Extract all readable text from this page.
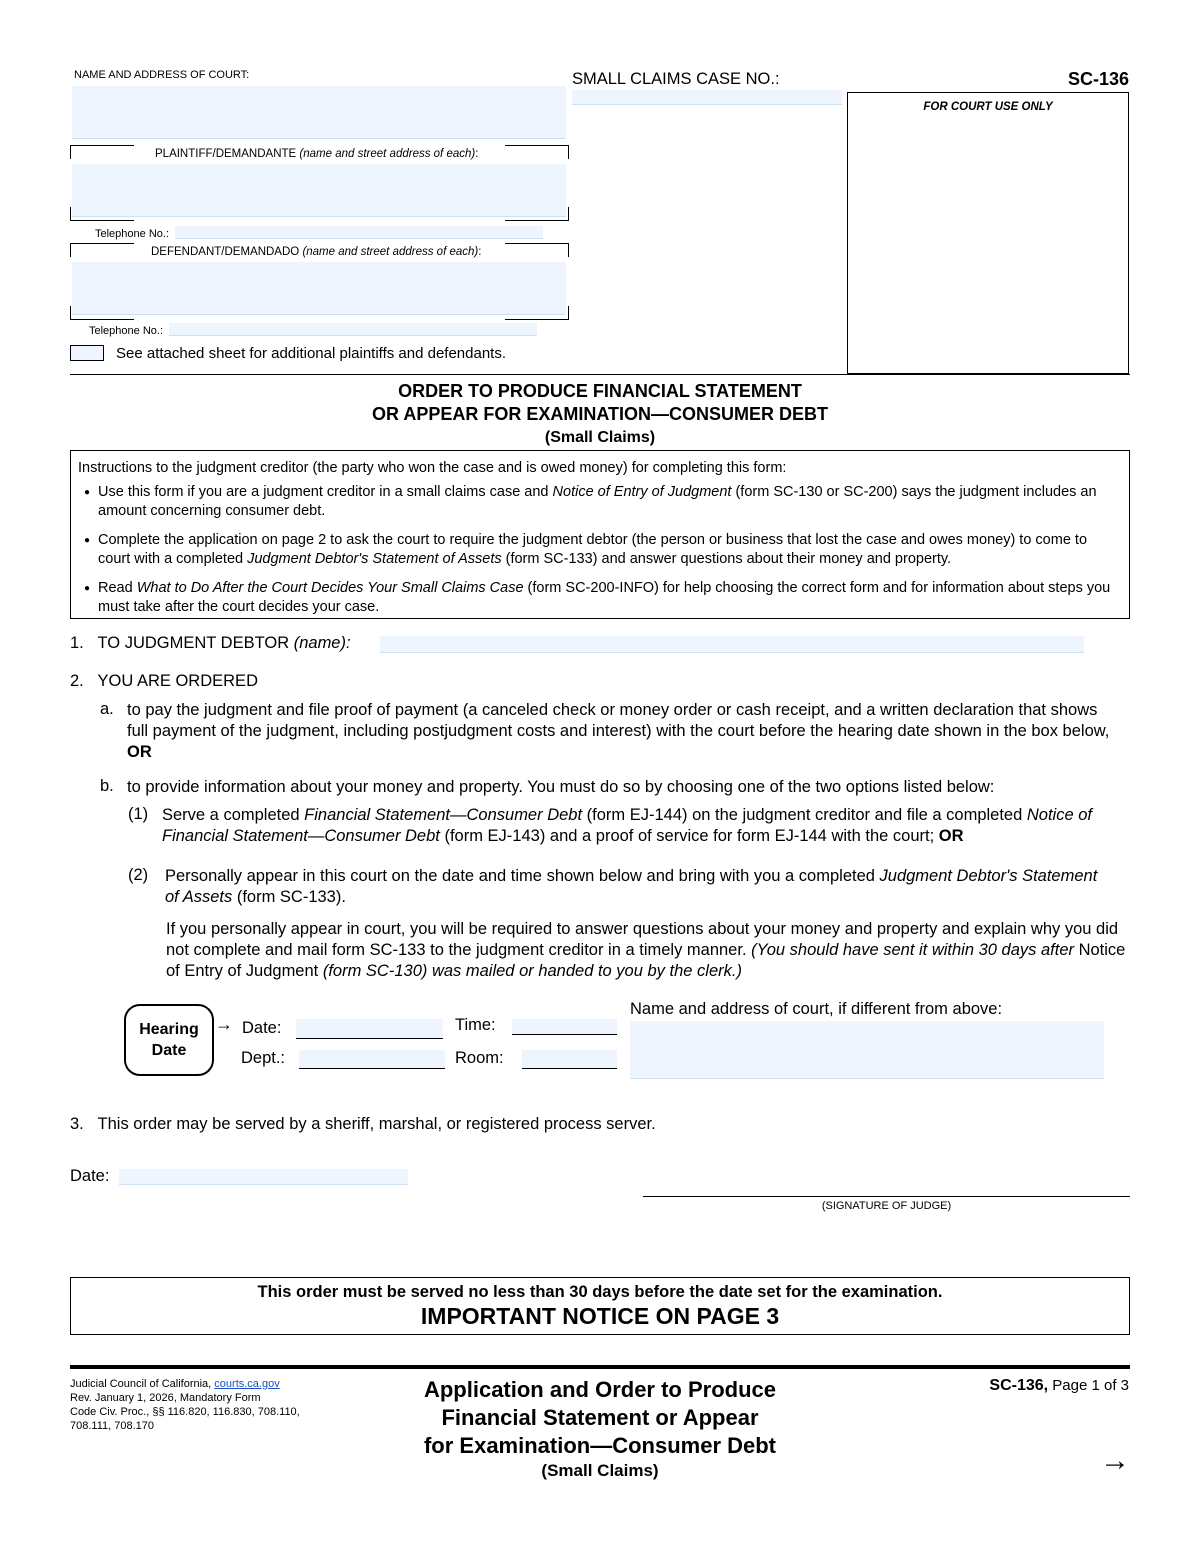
NAME AND ADDRESS OF COURT:	SMALL CLAIMS CASE NO.:	SC-136
FOR COURT USE ONLY
PLAINTIFF/DEMANDANTE (name and street address of each):
Telephone No.:
DEFENDANT/DEMANDADO (name and street address of each):
Telephone No.:
See attached sheet for additional plaintiffs and defendants.
ORDER TO PRODUCE FINANCIAL STATEMENT
OR APPEAR FOR EXAMINATION—CONSUMER DEBT
(Small Claims)
Instructions to the judgment creditor (the party who won the case and is owed money) for completing this form:
● Use this form if you are a judgment creditor in a small claims case and Notice of Entry of Judgment (form SC-130 or SC-200) says the judgment includes an amount concerning consumer debt.
● Complete the application on page 2 to ask the court to require the judgment debtor (the person or business that lost the case and owes money) to come to court with a completed Judgment Debtor's Statement of Assets (form SC-133) and answer questions about their money and property.
● Read What to Do After the Court Decides Your Small Claims Case (form SC-200-INFO) for help choosing the correct form and for information about steps you must take after the court decides your case.
1. TO JUDGMENT DEBTOR (name):
2. YOU ARE ORDERED
a. to pay the judgment and file proof of payment (a canceled check or money order or cash receipt, and a written declaration that shows full payment of the judgment, including postjudgment costs and interest) with the court before the hearing date shown in the box below, OR
b. to provide information about your money and property. You must do so by choosing one of the two options listed below:
(1) Serve a completed Financial Statement—Consumer Debt (form EJ-144) on the judgment creditor and file a completed Notice of Financial Statement—Consumer Debt (form EJ-143) and a proof of service for form EJ-144 with the court; OR
(2) Personally appear in this court on the date and time shown below and bring with you a completed Judgment Debtor's Statement of Assets (form SC-133).
If you personally appear in court, you will be required to answer questions about your money and property and explain why you did not complete and mail form SC-133 to the judgment creditor in a timely manner. (You should have sent it within 30 days after Notice of Entry of Judgment (form SC-130) was mailed or handed to you by the clerk.)
Hearing
Date
→ Date:	Time:
Dept.:	Room:
Name and address of court, if different from above:
3. This order may be served by a sheriff, marshal, or registered process server.
Date:
(SIGNATURE OF JUDGE)
This order must be served no less than 30 days before the date set for the examination.
IMPORTANT NOTICE ON PAGE 3
Judicial Council of California, courts.ca.gov
Rev. January 1, 2026, Mandatory Form
Code Civ. Proc., §§ 116.820, 116.830, 708.110,
708.111, 708.170
Application and Order to Produce
Financial Statement or Appear
for Examination—Consumer Debt
(Small Claims)
SC-136, Page 1 of 3
→
